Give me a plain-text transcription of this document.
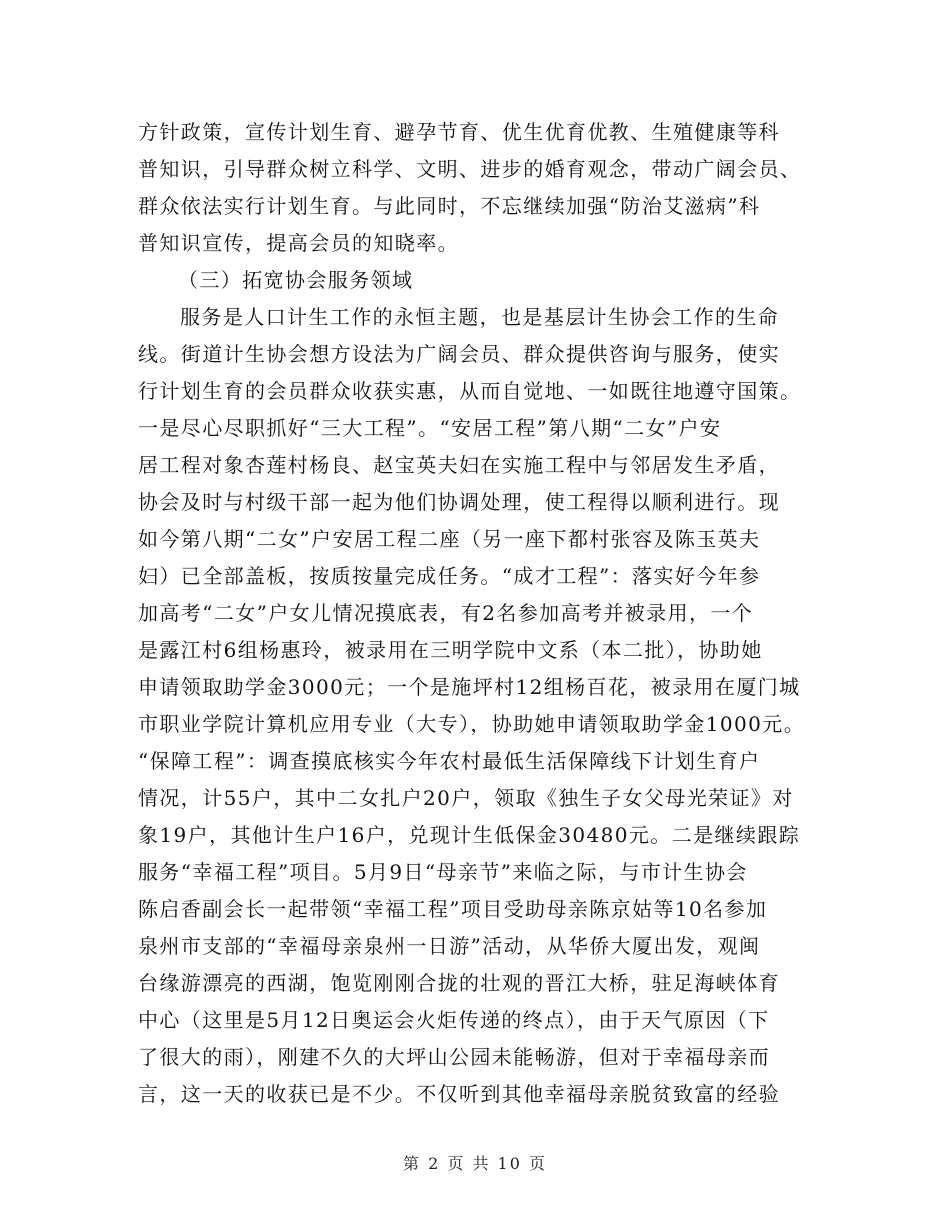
方针政策，宣传计划生育、避孕节育、优生优育优教、生殖健康等科
普知识，引导群众树立科学、文明、进步的婚育观念，带动广阔会员、
群众依法实行计划生育。与此同时，不忘继续加强“防治艾滋病”科
普知识宣传，提高会员的知晓率。
（三）拓宽协会服务领域
服务是人口计生工作的永恒主题，也是基层计生协会工作的生命
线。街道计生协会想方设法为广阔会员、群众提供咨询与服务，使实
行计划生育的会员群众收获实惠，从而自觉地、一如既往地遵守国策。
一是尽心尽职抓好“三大工程”。“安居工程”第八期“二女”户安
居工程对象杏莲村杨良、赵宝英夫妇在实施工程中与邻居发生矛盾，
协会及时与村级干部一起为他们协调处理，使工程得以顺利进行。现
如今第八期“二女”户安居工程二座（另一座下都村张容及陈玉英夫
妇）已全部盖板，按质按量完成任务。“成才工程”：落实好今年参
加高考“二女”户女儿情况摸底表，有2名参加高考并被录用，一个
是露江村6组杨惠玲，被录用在三明学院中文系（本二批），协助她
申请领取助学金3000元；一个是施坪村12组杨百花，被录用在厦门城
市职业学院计算机应用专业（大专），协助她申请领取助学金1000元。
“保障工程”：调查摸底核实今年农村最低生活保障线下计划生育户
情况，计55户，其中二女扎户20户，领取《独生子女父母光荣证》对
象19户，其他计生户16户，兑现计生低保金30480元。二是继续跟踪
服务“幸福工程”项目。5月9日“母亲节”来临之际，与市计生协会
陈启香副会长一起带领“幸福工程”项目受助母亲陈京姑等10名参加
泉州市支部的“幸福母亲泉州一日游”活动，从华侨大厦出发，观闽
台缘游漂亮的西湖，饱览刚刚合拢的壮观的晋江大桥，驻足海峡体育
中心（这里是5月12日奥运会火炬传递的终点），由于天气原因（下
了很大的雨），刚建不久的大坪山公园未能畅游，但对于幸福母亲而
言，这一天的收获已是不少。不仅听到其他幸福母亲脱贫致富的经验
第 2 页 共 10 页
